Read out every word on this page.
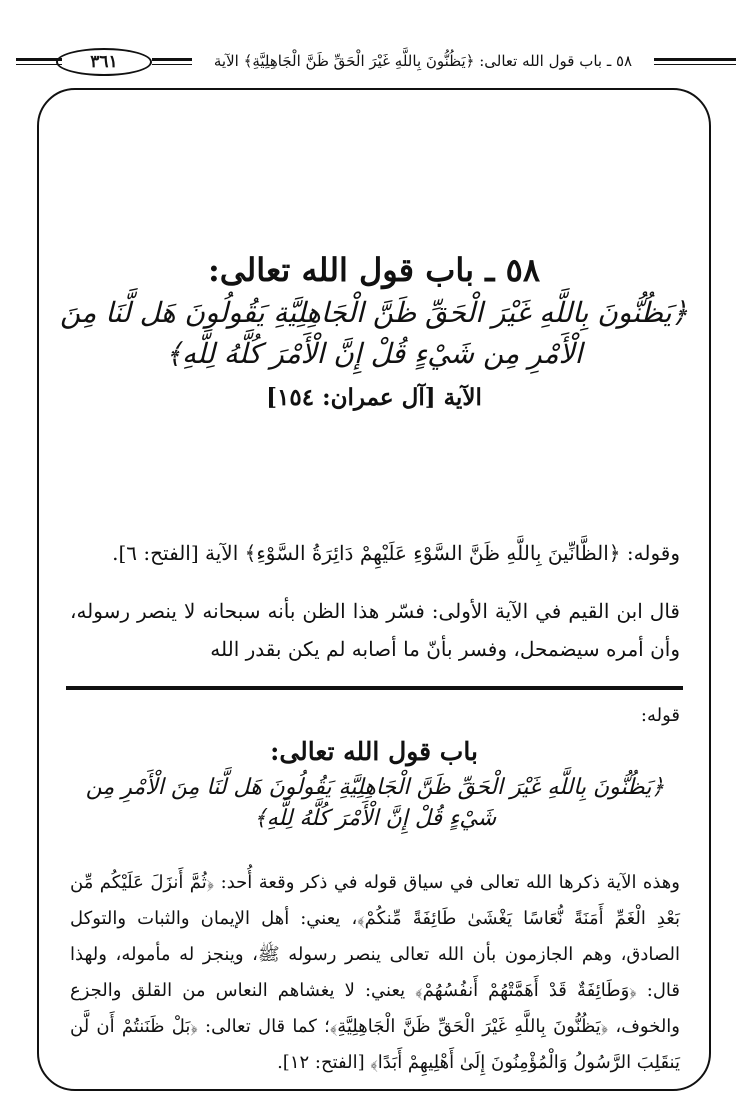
٣٦١	٥٨ ـ باب قول الله تعالى: ﴿يَظُنُّونَ بِاللَّهِ غَيْرَ الْحَقِّ ظَنَّ الْجَاهِلِيَّةِ﴾ الآية
٥٨ ـ باب قول الله تعالى:
﴿يَظُنُّونَ بِاللَّهِ غَيْرَ الْحَقِّ ظَنَّ الْجَاهِلِيَّةِ يَقُولُونَ هَل لَّنَا مِنَ
الْأَمْرِ مِن شَيْءٍ قُلْ إِنَّ الْأَمْرَ كُلَّهُ لِلَّهِ﴾
الآية [آل عمران: ١٥٤]
وقوله: ﴿الظَّانِّينَ بِاللَّهِ ظَنَّ السَّوْءِ عَلَيْهِمْ دَائِرَةُ السَّوْءِ﴾ الآية [الفتح: ٦].
قال ابن القيم في الآية الأولى: فسّر هذا الظن بأنه سبحانه لا ينصر رسوله، وأن أمره سيضمحل، وفسر بأنّ ما أصابه لم يكن بقدر الله
قوله:
باب قول الله تعالى:
﴿يَظُنُّونَ بِاللَّهِ غَيْرَ الْحَقِّ ظَنَّ الْجَاهِلِيَّةِ يَقُولُونَ هَل لَّنَا مِنَ الْأَمْرِ مِن
شَيْءٍ قُلْ إِنَّ الْأَمْرَ كُلَّهُ لِلَّهِ﴾
وهذه الآية ذكرها الله تعالى في سياق قوله في ذكر وقعة أُحد: ﴿ثُمَّ أَنزَلَ عَلَيْكُم مِّن بَعْدِ الْغَمِّ أَمَنَةً نُّعَاسًا يَغْشَىٰ طَائِفَةً مِّنكُمْ﴾، يعني: أهل الإيمان والثبات والتوكل الصادق، وهم الجازمون بأن الله تعالى ينصر رسوله ﷺ، وينجز له مأموله، ولهذا قال: ﴿وَطَائِفَةٌ قَدْ أَهَمَّتْهُمْ أَنفُسُهُمْ﴾ يعني: لا يغشاهم النعاس من القلق والجزع والخوف، ﴿يَظُنُّونَ بِاللَّهِ غَيْرَ الْحَقِّ ظَنَّ الْجَاهِلِيَّةِ﴾؛ كما قال تعالى: ﴿بَلْ ظَنَنتُمْ أَن لَّن يَنقَلِبَ الرَّسُولُ وَالْمُؤْمِنُونَ إِلَىٰ أَهْلِيهِمْ أَبَدًا﴾ [الفتح: ١٢].
